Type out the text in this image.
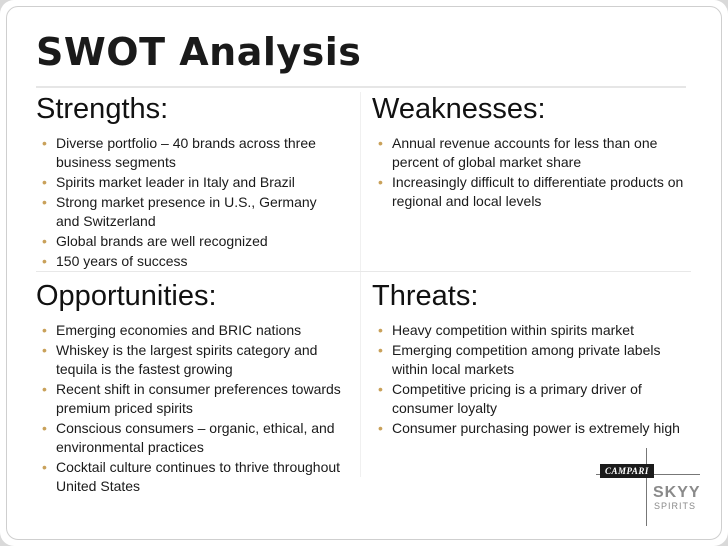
SWOT Analysis
Strengths:
• Diverse portfolio – 40 brands across three business segments
• Spirits market leader in Italy and Brazil
• Strong market presence in U.S., Germany and Switzerland
• Global brands are well recognized
• 150 years of success
Weaknesses:
• Annual revenue accounts for less than one percent of global market share
• Increasingly difficult to differentiate products on regional and local levels
Opportunities:
• Emerging economies and BRIC nations
• Whiskey is the largest spirits category and tequila is the fastest growing
• Recent shift in consumer preferences towards premium priced spirits
• Conscious consumers – organic, ethical, and environmental practices
• Cocktail culture continues to thrive throughout United States
Threats:
• Heavy competition within spirits market
• Emerging competition among private labels within local markets
• Competitive pricing is a primary driver of consumer loyalty
• Consumer purchasing power is extremely high
CAMPARI
SKYY
SPIRITS
